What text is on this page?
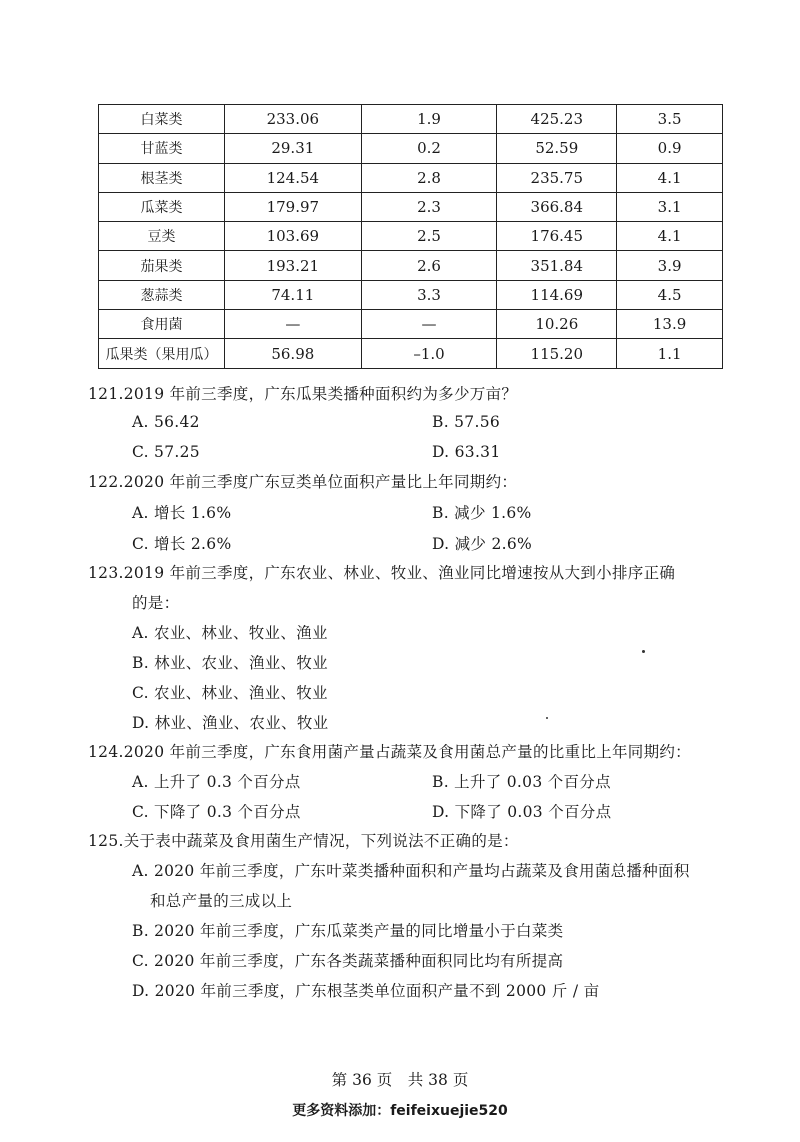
白菜类	233.06	1.9	425.23	3.5
甘蓝类	29.31	0.2	52.59	0.9
根茎类	124.54	2.8	235.75	4.1
瓜菜类	179.97	2.3	366.84	3.1
豆类	103.69	2.5	176.45	4.1
茄果类	193.21	2.6	351.84	3.9
葱蒜类	74.11	3.3	114.69	4.5
食用菌	—	—	10.26	13.9
瓜果类（果用瓜）	56.98	–1.0	115.20	1.1
121.2019 年前三季度，广东瓜果类播种面积约为多少万亩？
A. 56.42	B. 57.56
C. 57.25	D. 63.31
122.2020 年前三季度广东豆类单位面积产量比上年同期约：
A. 增长 1.6%	B. 减少 1.6%
C. 增长 2.6%	D. 减少 2.6%
123.2019 年前三季度，广东农业、林业、牧业、渔业同比增速按从大到小排序正确
的是：
A. 农业、林业、牧业、渔业
B. 林业、农业、渔业、牧业
C. 农业、林业、渔业、牧业
D. 林业、渔业、农业、牧业
124.2020 年前三季度，广东食用菌产量占蔬菜及食用菌总产量的比重比上年同期约：
A. 上升了 0.3 个百分点	B. 上升了 0.03 个百分点
C. 下降了 0.3 个百分点	D. 下降了 0.03 个百分点
125.关于表中蔬菜及食用菌生产情况，下列说法不正确的是：
A. 2020 年前三季度，广东叶菜类播种面积和产量均占蔬菜及食用菌总播种面积
和总产量的三成以上
B. 2020 年前三季度，广东瓜菜类产量的同比增量小于白菜类
C. 2020 年前三季度，广东各类蔬菜播种面积同比均有所提高
D. 2020 年前三季度，广东根茎类单位面积产量不到 2000 斤 / 亩
第 36 页　共 38 页
更多资料添加：feifeixuejie520
